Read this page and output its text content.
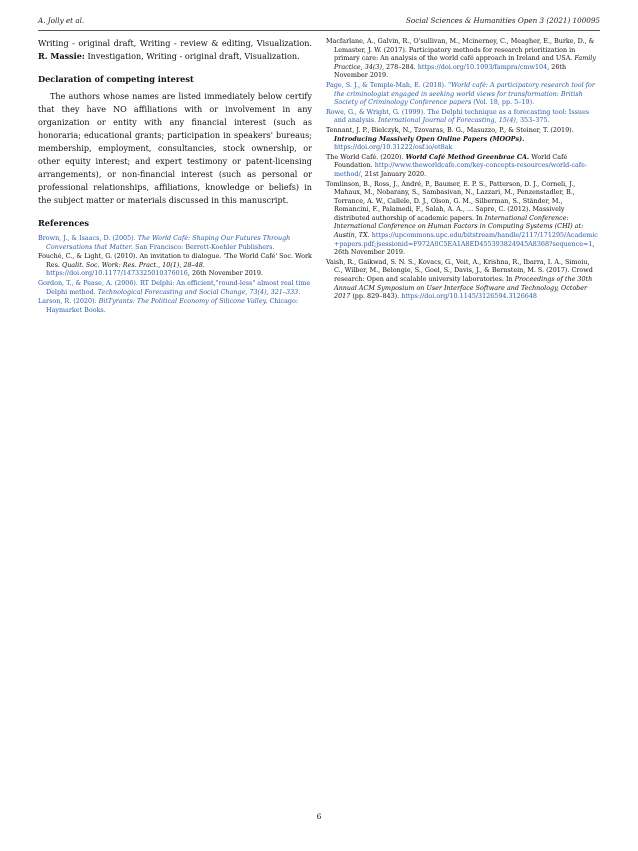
A. Jolly et al.	Social Sciences & Humanities Open 3 (2021) 100095

Writing - original draft, Writing - review & editing, Visualization. R. Massie: Investigation, Writing - original draft, Visualization.

Declaration of competing interest

The authors whose names are listed immediately below certify that they have NO affiliations with or involvement in any organization or entity with any financial interest (such as honoraria; educational grants; participation in speakers' bureaus; membership, employment, consultancies, stock ownership, or other equity interest; and expert testimony or patent-licensing arrangements), or non-financial interest (such as personal or professional relationships, affiliations, knowledge or beliefs) in the subject matter or materials discussed in this manuscript.

References

Brown, J., & Isaacs, D. (2005). The World Café: Shaping Our Futures Through Conversations that Matter. San Francisco: Berrett-Koehler Publishers.

Fouché, C., & Light, G. (2010). An invitation to dialogue. 'The World Café' Soc. Work Res. Qualit. Soc. Work: Res. Pract., 10(1), 28–48. https://doi.org/10.1177/1473325010376016, 26th November 2019.

Gordon, T., & Pease, A. (2006). RT Delphi: An efficient,"round-less" almost real time Delphi method. Technological Forecasting and Social Change, 73(4), 321–333.

Larson, R. (2020). BitTyrants: The Political Economy of Silicone Valley. Chicago: Haymarket Books.

Macfarlane, A., Galvin, R., O'sullivan, M., Mcinerney, C., Meagher, E., Burke, D., & Lemaster, J. W. (2017). Participatory methods for research prioritization in primary care: An analysis of the world café approach in Ireland and USA. Family Practice, 34(3), 278–284. https://doi.org/10.1093/fampra/cmw104, 26th November 2019.

Page, S. J., & Temple-Mah, E. (2018). "World café: A participatory research tool for the criminologist engaged in seeking world views for transformation: British Society of Criminology Conference papers (Vol. 18, pp. 5–19).

Rowe, G., & Wright, G. (1999). The Delphi technique as a forecasting tool: Issues and analysis. International Journal of Forecasting, 15(4), 353–375.

Tennant, J. P., Bielczyk, N., Tzovaras, B. G., Masuzzo, P., & Steiner, T. (2019). Introducing Massively Open Online Papers (MOOPs). https://doi.org/10.31222/osf.io/et8ak

The World Café. (2020). World Café Method Greenbrae CA. World Café Foundation. http://www.theworldcafe.com/key-concepts-resources/world-cafe-method/, 21st January 2020.

Tomlinson, B., Ross, J., André, P., Baumer, E. P. S., Patterson, D. J., Corneli, J., Mahaux, M., Nobarany, S., Sambasivan, N., Lazzari, M., Penzenstadler, B., Torrance, A. W., Callele, D. J., Olson, G. M., Silberman, S., Ständer, M., Romancini, F., Palamedi, F., Salah, A. A., … Sapre, C. (2012). Massively distributed authorship of academic papers. In International Conference: International Conference on Human Factors in Computing Systems (CHI) at: Austin, TX. https://upcommons.upc.edu/bitstream/handle/2117/171295/Academic+papers.pdf;jsessionid=F972A0C5EA1A8ED455393824945A8368?sequence=1, 26th November 2019.

Vaish, R., Gaikwad, S. N. S., Kovacs, G., Veit, A., Krishna, R., Ibarra, I. A., Simoiu, C., Wilber, M., Belongie, S., Goel, S., Davis, J., & Bernstein, M. S. (2017). Crowd research: Open and scalable university laboratories. In Proceedings of the 30th Annual ACM Symposium on User Interface Software and Technology, October 2017 (pp. 829–843). https://doi.org/10.1145/3126594.3126648

6
